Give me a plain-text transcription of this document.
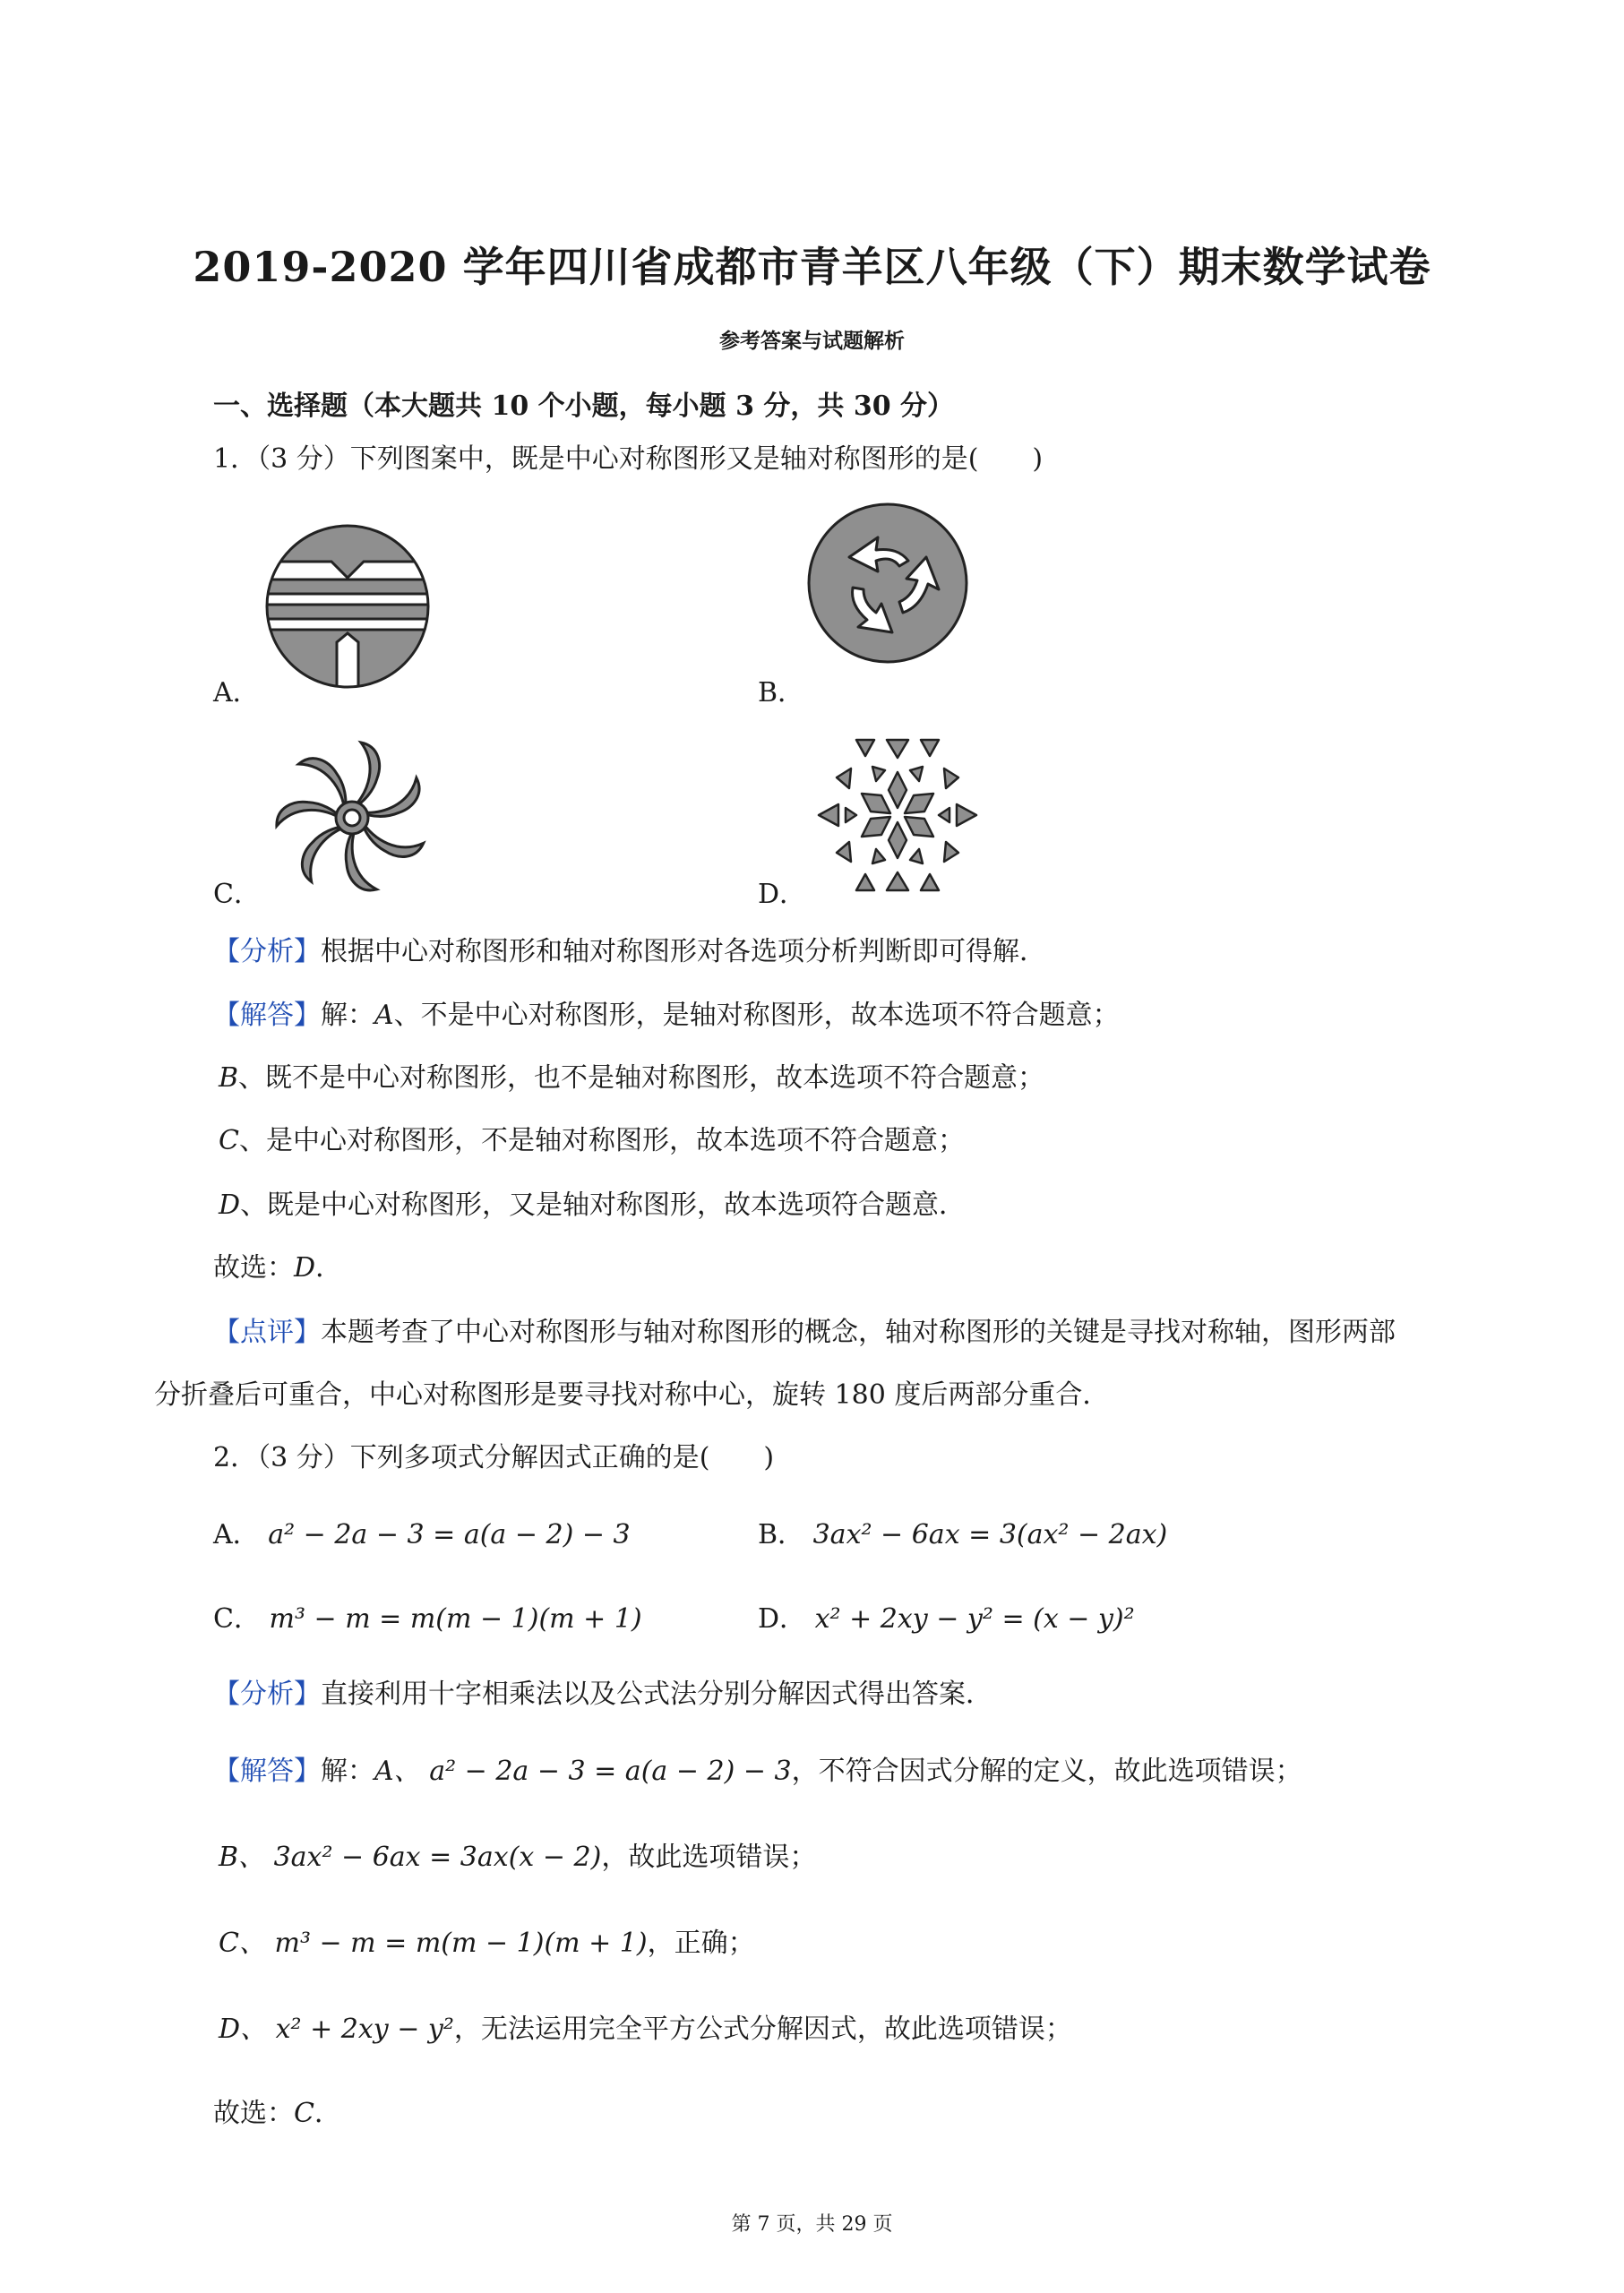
2019-2020 学年四川省成都市青羊区八年级（下）期末数学试卷
参考答案与试题解析
一、选择题（本大题共 10 个小题，每小题 3 分，共 30 分）
1．（3 分）下列图案中，既是中心对称图形又是轴对称图形的是(　　)
A．	B．
C．	D．
【分析】根据中心对称图形和轴对称图形对各选项分析判断即可得解．
【解答】解：A、不是中心对称图形，是轴对称图形，故本选项不符合题意；
B、既不是中心对称图形，也不是轴对称图形，故本选项不符合题意；
C、是中心对称图形，不是轴对称图形，故本选项不符合题意；
D、既是中心对称图形，又是轴对称图形，故本选项符合题意．
故选：D．
【点评】本题考查了中心对称图形与轴对称图形的概念，轴对称图形的关键是寻找对称轴，图形两部
分折叠后可重合，中心对称图形是要寻找对称中心，旋转 180 度后两部分重合．
2．（3 分）下列多项式分解因式正确的是(　　)
A． a² − 2a − 3 = a(a − 2) − 3	B． 3ax² − 6ax = 3(ax² − 2ax)
C． m³ − m = m(m − 1)(m + 1)	D． x² + 2xy − y² = (x − y)²
【分析】直接利用十字相乘法以及公式法分别分解因式得出答案．
【解答】解：A、 a² − 2a − 3 = a(a − 2) − 3，不符合因式分解的定义，故此选项错误；
B、 3ax² − 6ax = 3ax(x − 2)，故此选项错误；
C、 m³ − m = m(m − 1)(m + 1)，正确；
D、 x² + 2xy − y²，无法运用完全平方公式分解因式，故此选项错误；
故选：C．
第 7 页，共 29 页
